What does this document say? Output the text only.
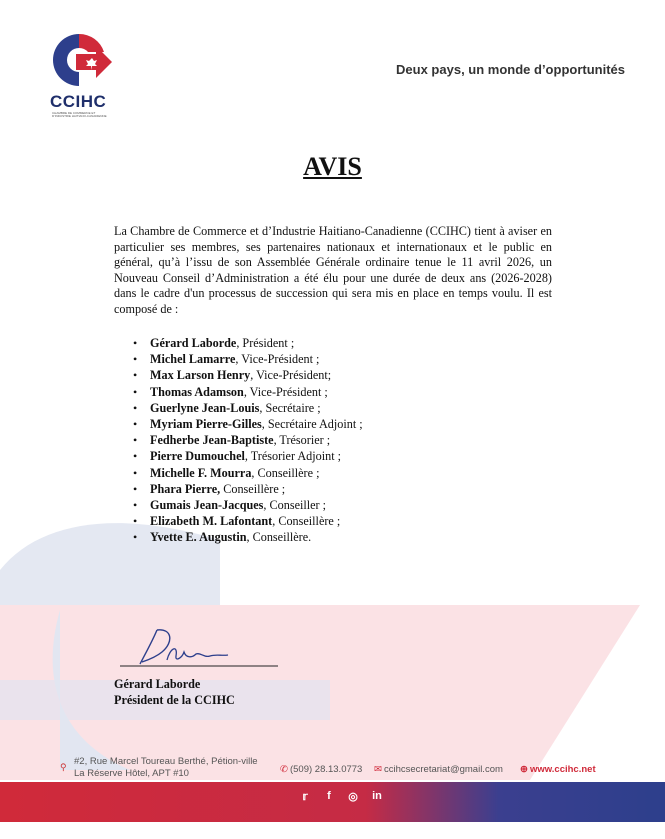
CCIHC
CHAMBRE DE COMMERCE ET D'INDUSTRIE HAITIANO-CANADIENNE
Deux pays, un monde d’opportunités
AVIS
La Chambre de Commerce et d’Industrie Haitiano-Canadienne (CCIHC) tient à aviser en particulier ses membres, ses partenaires nationaux et internationaux et le public en général, qu’à l’issu de son Assemblée Générale ordinaire tenue le 11 avril 2026, un Nouveau Conseil d’Administration a été élu pour une durée de deux ans (2026-2028) dans le cadre d'un processus de succession qui sera mis en place en temps voulu. Il est composé de :
• Gérard Laborde, Président ;
• Michel Lamarre, Vice-Président ;
• Max Larson Henry, Vice-Président;
• Thomas Adamson, Vice-Président ;
• Guerlyne Jean-Louis, Secrétaire ;
• Myriam Pierre-Gilles, Secrétaire Adjoint ;
• Fedherbe Jean-Baptiste, Trésorier ;
• Pierre Dumouchel, Trésorier Adjoint ;
• Michelle F. Mourra, Conseillère ;
• Phara Pierre, Conseillère ;
• Gumais Jean-Jacques, Conseiller ;
• Elizabeth M. Lafontant, Conseillère ;
• Yvette E. Augustin, Conseillère.
Gérard Laborde
Président de la CCIHC
⚲ #2, Rue Marcel Toureau Berthé, Pétion-ville
La Réserve Hôtel, APT #10	✆ (509) 28.13.0773 ✉ ccihcsecretariat@gmail.com ⊕ www.ccihc.net
𝕣	f	◎ in
